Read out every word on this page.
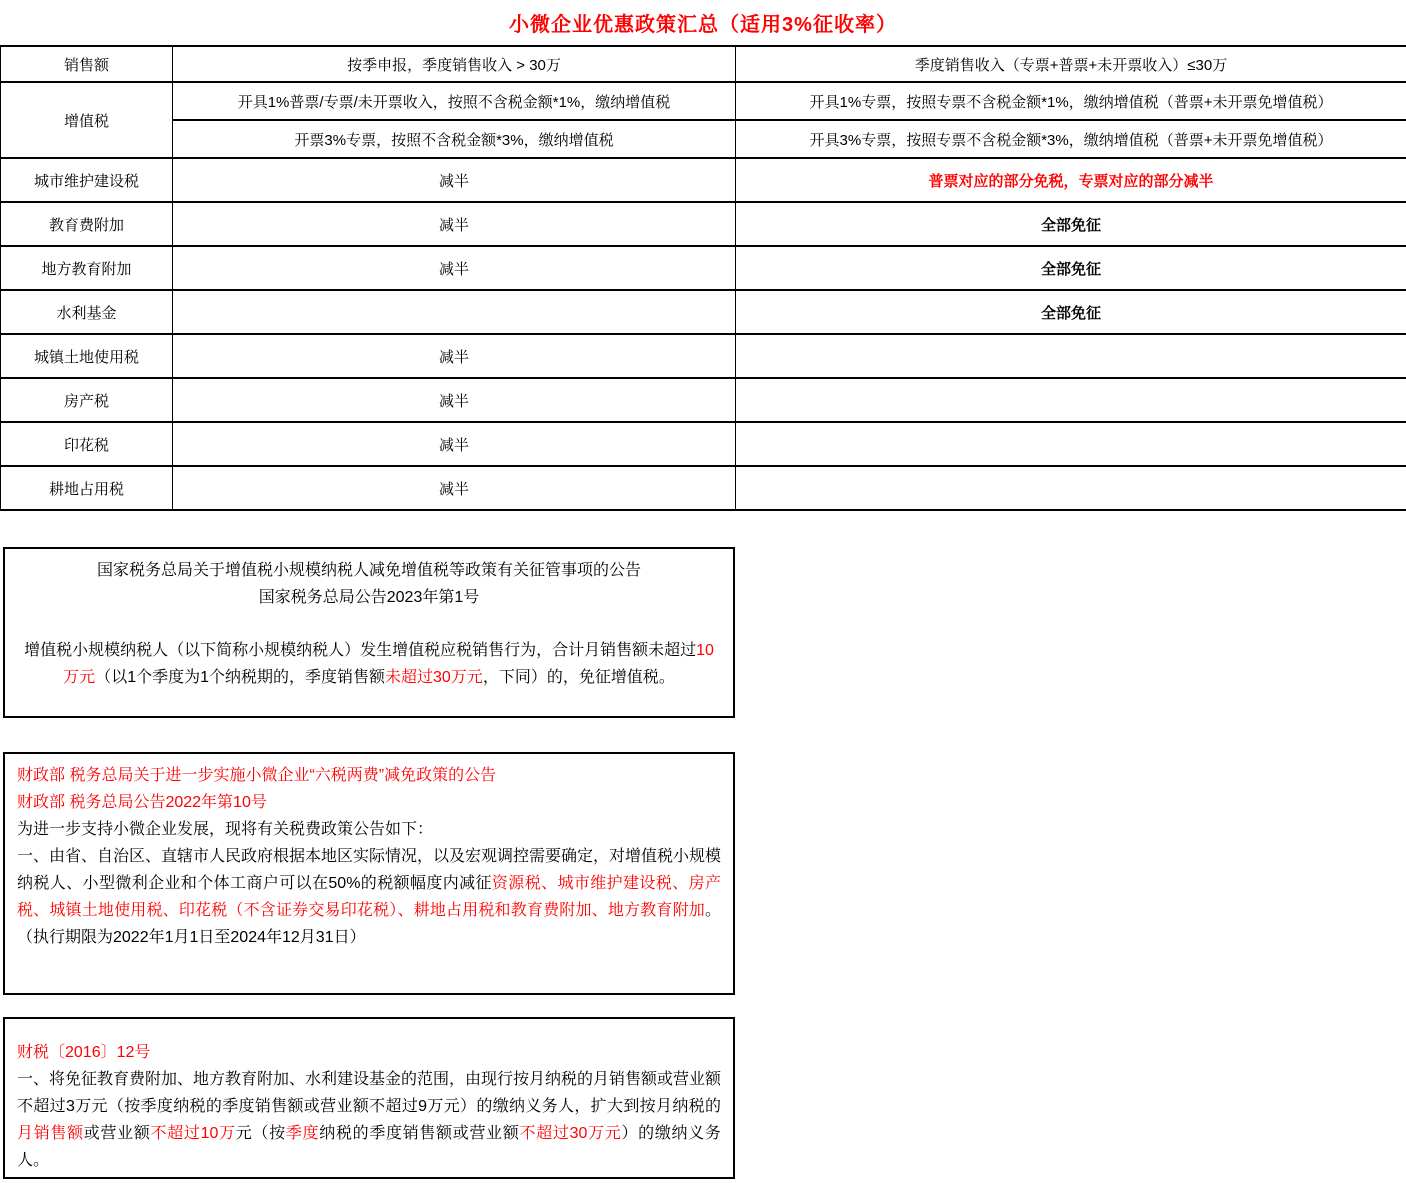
小微企业优惠政策汇总（适用3%征收率）
销售额	按季申报，季度销售收入 > 30万	季度销售收入（专票+普票+未开票收入）≤30万
增值税	开具1%普票/专票/未开票收入，按照不含税金额*1%，缴纳增值税	开具1%专票，按照专票不含税金额*1%，缴纳增值税（普票+未开票免增值税）
	开票3%专票，按照不含税金额*3%，缴纳增值税	开具3%专票，按照专票不含税金额*3%，缴纳增值税（普票+未开票免增值税）
城市维护建设税	减半	普票对应的部分免税，专票对应的部分减半
教育费附加	减半	全部免征
地方教育附加	减半	全部免征
水利基金		全部免征
城镇土地使用税	减半	
房产税	减半	
印花税	减半	
耕地占用税	减半	
国家税务总局关于增值税小规模纳税人减免增值税等政策有关征管事项的公告
国家税务总局公告2023年第1号

增值税小规模纳税人（以下简称小规模纳税人）发生增值税应税销售行为，合计月销售额未超过10万元（以1个季度为1个纳税期的，季度销售额未超过30万元，下同）的，免征增值税。

财政部 税务总局关于进一步实施小微企业“六税两费”减免政策的公告
财政部 税务总局公告2022年第10号
为进一步支持小微企业发展，现将有关税费政策公告如下：

一、由省、自治区、直辖市人民政府根据本地区实际情况，以及宏观调控需要确定，对增值税小规模纳税人、小型微利企业和个体工商户可以在50%的税额幅度内减征资源税、城市维护建设税、房产税、城镇土地使用税、印花税（不含证券交易印花税）、耕地占用税和教育费附加、地方教育附加。 （执行期限为2022年1月1日至2024年12月31日）

财税〔2016〕12号

一、将免征教育费附加、地方教育附加、水利建设基金的范围，由现行按月纳税的月销售额或营业额不超过3万元（按季度纳税的季度销售额或营业额不超过9万元）的缴纳义务人，扩大到按月纳税的月销售额或营业额不超过10万元（按季度纳税的季度销售额或营业额不超过30万元）的缴纳义务人。
